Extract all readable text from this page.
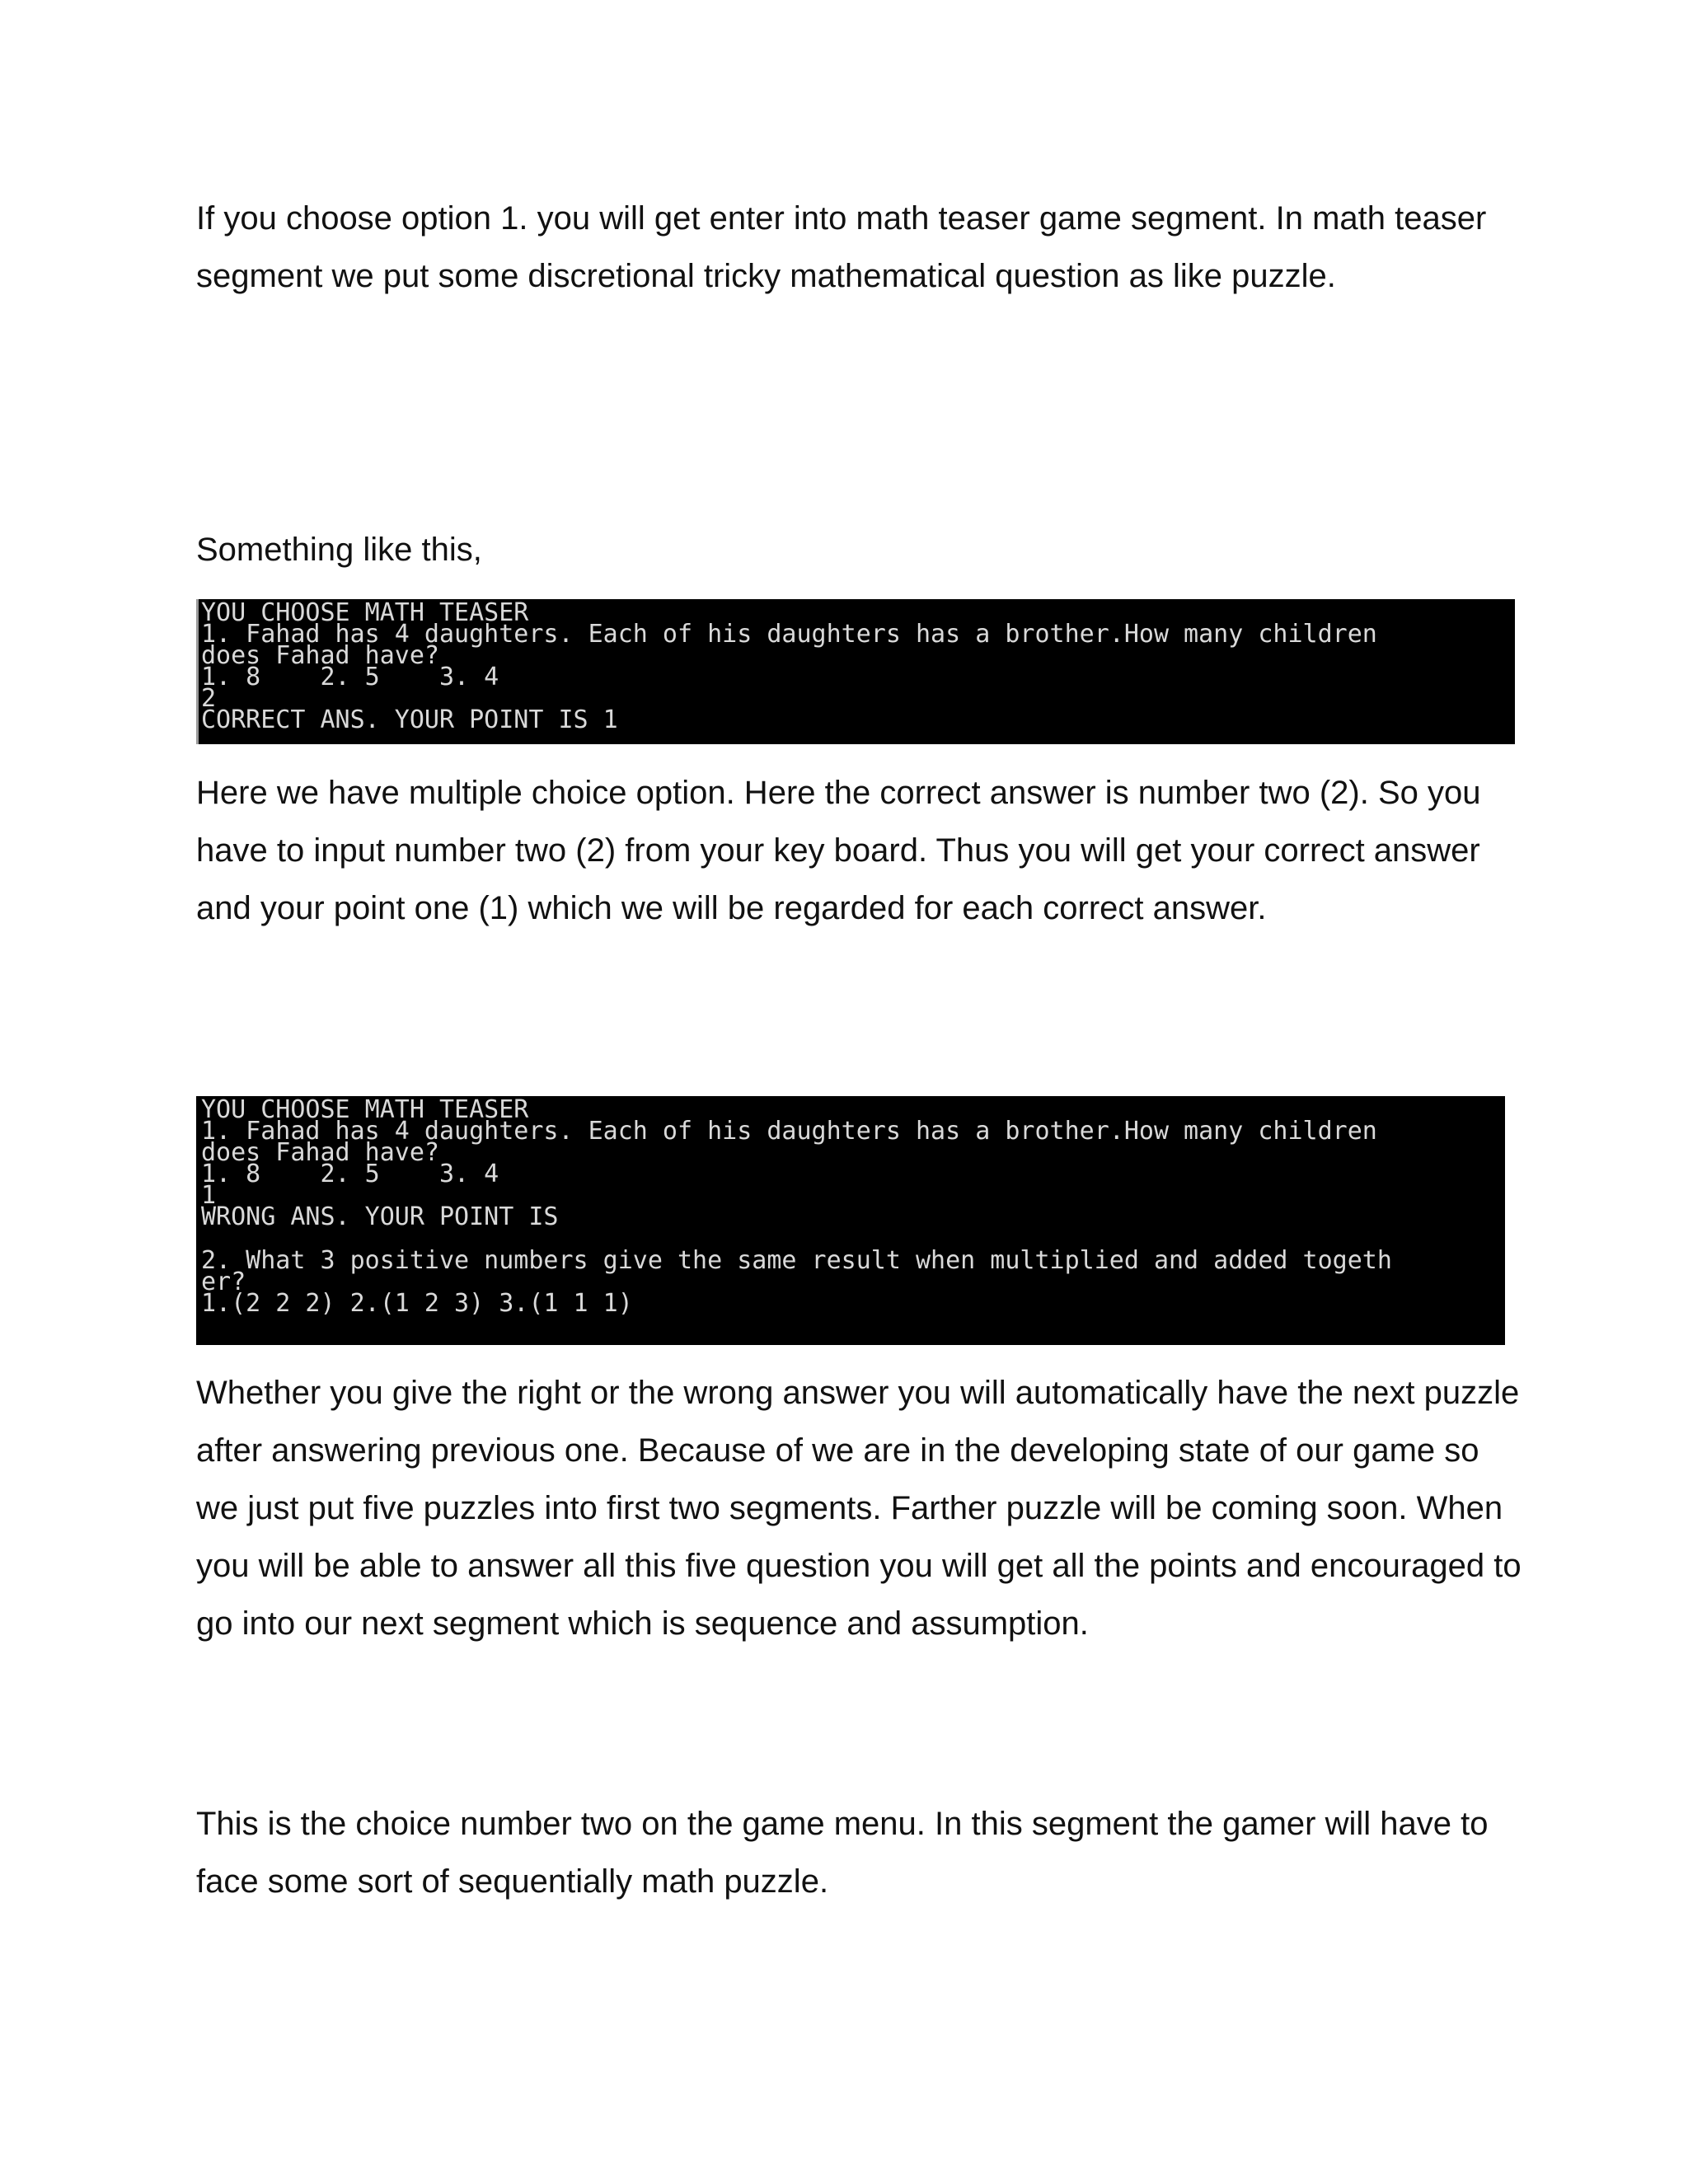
If you choose option 1. you will get enter into math teaser game segment. In math teaser segment we put some discretional tricky mathematical question as like puzzle.

Something like this,

YOU CHOOSE MATH TEASER
1. Fahad has 4 daughters. Each of his daughters has a brother.How many children
does Fahad have?
1. 8    2. 5    3. 4
2
CORRECT ANS. YOUR POINT IS 1

Here we have multiple choice option. Here the correct answer is number two (2). So you have to input number two (2) from your key board. Thus you will get your correct answer and your point one (1) which we will be regarded for each correct answer.

YOU CHOOSE MATH TEASER
1. Fahad has 4 daughters. Each of his daughters has a brother.How many children
does Fahad have?
1. 8    2. 5    3. 4
1
WRONG ANS. YOUR POINT IS
2. What 3 positive numbers give the same result when multiplied and added togeth
er?
1.(2 2 2) 2.(1 2 3) 3.(1 1 1)

Whether you give the right or the wrong answer you will automatically have the next puzzle after answering previous one. Because of we are in the developing state of our game so we just put five puzzles into first two segments. Farther puzzle will be coming soon. When you will be able to answer all this five question you will get all the points and encouraged to go into our next segment which is sequence and assumption.

This is the choice number two on the game menu. In this segment the gamer will have to face some sort of sequentially math puzzle.
